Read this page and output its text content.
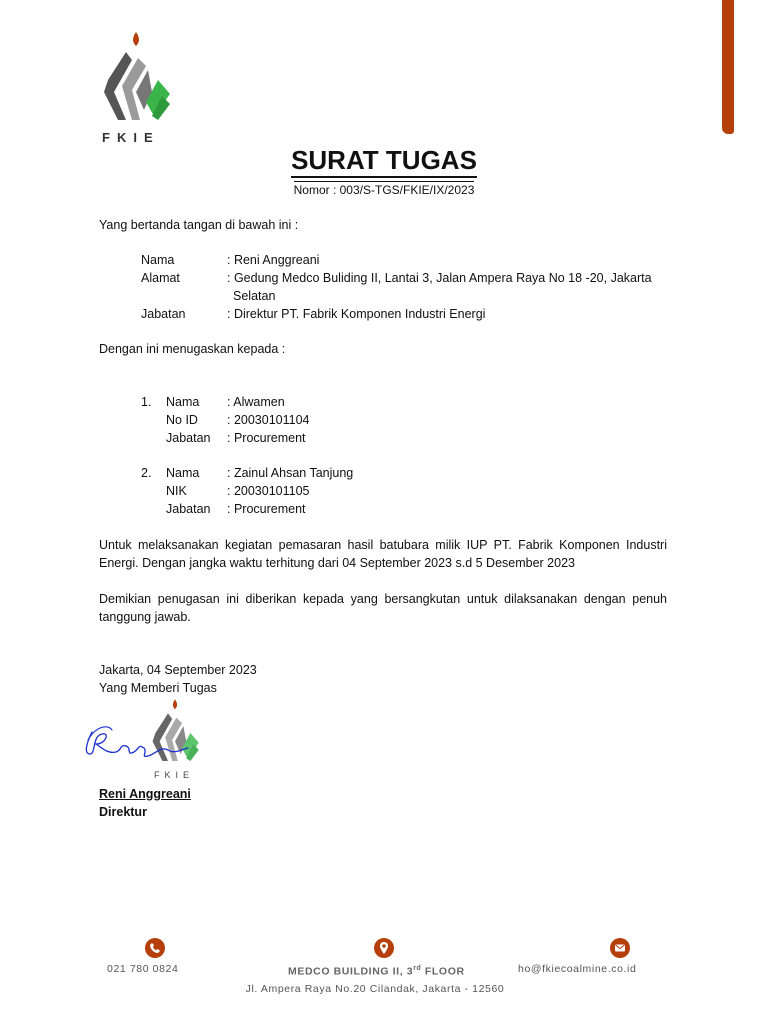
FKIE
SURAT TUGAS
Nomor : 003/S-TGS/FKIE/IX/2023
Yang bertanda tangan di bawah ini :
Nama	: Reni Anggreani
Alamat	: Gedung Medco Buliding II, Lantai 3, Jalan Ampera Raya No 18 -20, Jakarta Selatan
Jabatan	: Direktur PT. Fabrik Komponen Industri Energi
Dengan ini menugaskan kepada :
1. Nama	: Alwamen
No ID	: 20030101104
Jabatan	: Procurement
2. Nama	: Zainul Ahsan Tanjung
NIK	: 20030101105
Jabatan	: Procurement
Untuk melaksanakan kegiatan pemasaran hasil batubara milik IUP PT. Fabrik Komponen Industri Energi. Dengan jangka waktu terhitung dari 04 September 2023 s.d 5 Desember 2023
Demikian penugasan ini diberikan kepada yang bersangkutan untuk dilaksanakan dengan penuh tanggung jawab.
Jakarta, 04 September 2023
Yang Memberi Tugas
FKIE
Reni Anggreani
Direktur
021 780 0824	MEDCO BUILDING II, 3rd FLOOR	ho@fkiecoalmine.co.id
Jl. Ampera Raya No.20 Cilandak, Jakarta - 12560
